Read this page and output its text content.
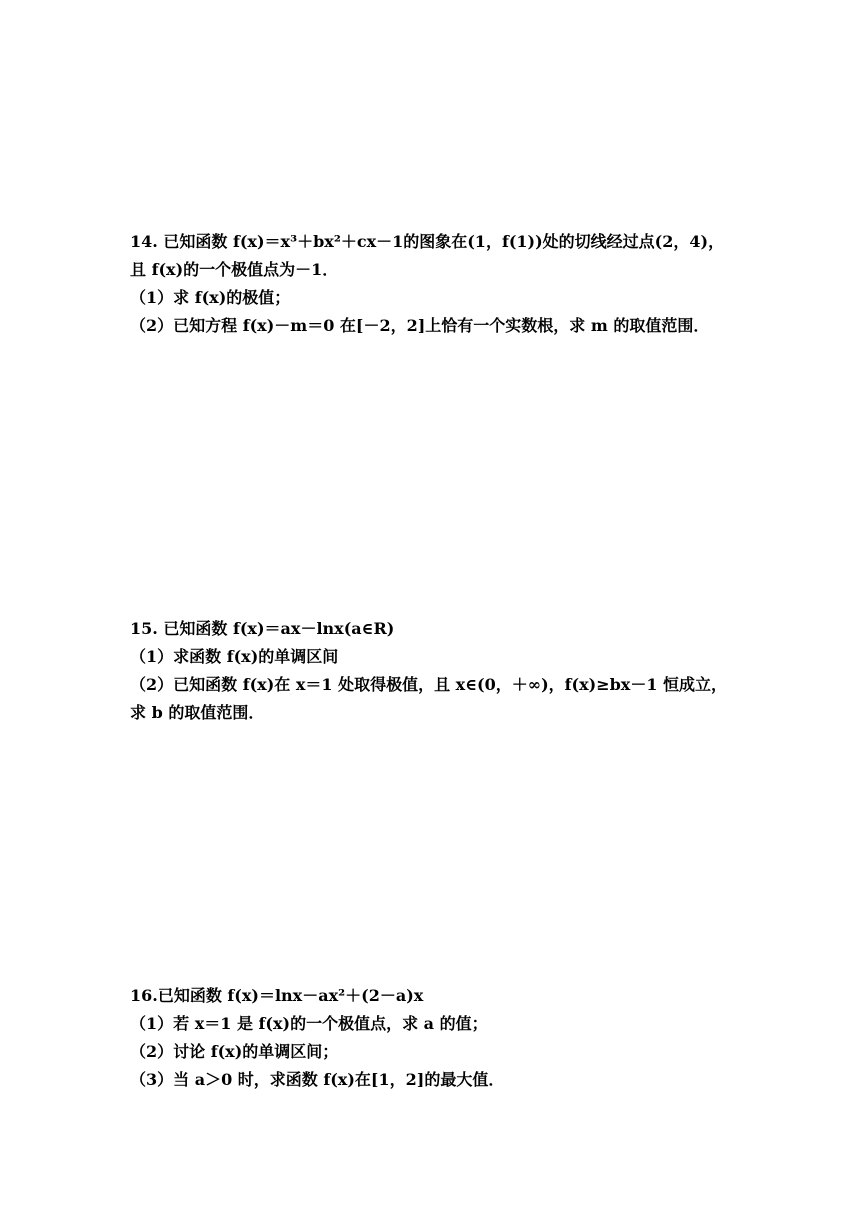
14. 已知函数 f(x)＝x³＋bx²＋cx－1的图象在(1，f(1))处的切线经过点(2，4)，
且 f(x)的一个极值点为－1．
（1）求 f(x)的极值；
（2）已知方程 f(x)－m＝0 在[－2，2]上恰有一个实数根，求 m 的取值范围．
15. 已知函数 f(x)＝ax－lnx(a∈R)
（1）求函数 f(x)的单调区间
（2）已知函数 f(x)在 x＝1 处取得极值，且 x∈(0，＋∞)，f(x)≥bx－1 恒成立，
求 b 的取值范围．
16.已知函数 f(x)＝lnx－ax²＋(2－a)x
（1）若 x＝1 是 f(x)的一个极值点，求 a 的值；
（2）讨论 f(x)的单调区间；
（3）当 a＞0 时，求函数 f(x)在[1，2]的最大值．
